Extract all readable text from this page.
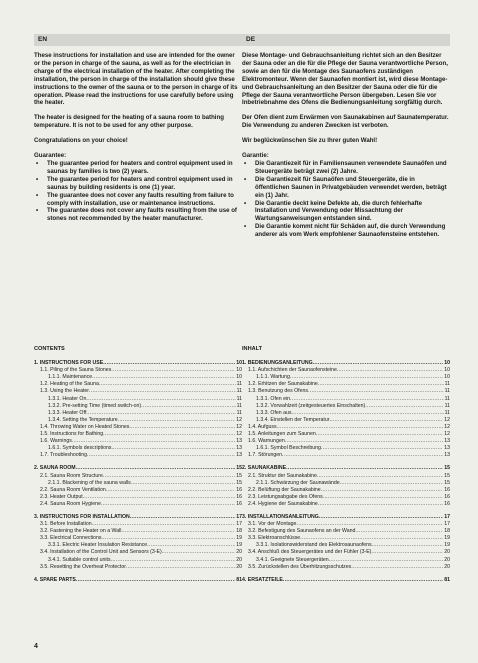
EN	DE

These instructions for installation and use are intended for the owner or the person in charge of the sauna, as well as for the electrician in charge of the electrical installation of the heater. After completing the installation, the person in charge of the installation should give these instructions to the owner of the sauna or to the person in charge of its operation. Please read the instructions for use carefully before using the heater.

The heater is designed for the heating of a sauna room to bathing temperature. It is not to be used for any other purpose.

Congratulations on your choice!

Guarantee:
• The guarantee period for heaters and control equipment used in saunas by families is two (2) years.
• The guarantee period for heaters and control equipment used in saunas by building residents is one (1) year.
• The guarantee does not cover any faults resulting from failure to comply with installation, use or maintenance instructions.
• The guarantee does not cover any faults resulting from the use of stones not recommended by the heater manufacturer.

Diese Montage- und Gebrauchsanleitung richtet sich an den Besitzer der Sauna oder an die für die Pflege der Sauna verantwortliche Person, sowie an den für die Montage des Saunaofens zuständigen Elektromonteur. Wenn der Saunaofen montiert ist, wird diese Montage- und Gebrauchsanleitung an den Besitzer der Sauna oder die für die Pflege der Sauna verantwortliche Person übergeben. Lesen Sie vor Inbetriebnahme des Ofens die Bedienungsanleitung sorgfältig durch.

Der Ofen dient zum Erwärmen von Saunakabinen auf Saunatemperatur. Die Verwendung zu anderen Zwecken ist verboten.

Wir beglückwünschen Sie zu Ihrer guten Wahl!

Garantie:
• Die Garantiezeit für in Familiensaunen verwendete Saunaöfen und Steuergeräte beträgt zwei (2) Jahre.
• Die Garantiezeit für Saunaöfen und Steuergeräte, die in öffentlichen Saunen in Privatgebäuden verwendet werden, beträgt ein (1) Jahr.
• Die Garantie deckt keine Defekte ab, die durch fehlerhafte Installation und Verwendung oder Missachtung der Wartungsanweisungen entstanden sind.
• Die Garantie kommt nicht für Schäden auf, die durch Verwendung anderer als vom Werk empfohlener Saunaofensteine entstehen.
CONTENTS
1. INSTRUCTIONS FOR USE .....	10
1.1. Piling of the Sauna Stones .....	10
1.1.1. Maintenance .....	10
1.2. Heating of the Sauna .....	11
1.3. Using the Heater .....	11
1.3.1. Heater On .....	11
1.3.2. Pre-setting Time (timed switch-on) .....	11
1.3.3. Heater Off .....	11
1.3.4. Setting the Temperature .....	12
1.4. Throwing Water on Heated Stones .....	12
1.5. Instructions for Bathing .....	12
1.6. Warnings .....	13
1.6.1. Symbols descriptions .....	13
1.7. Troubleshooting .....	13
2. SAUNA ROOM .....	15
2.1. Sauna Room Structure .....	15
2.1.1. Blackening of the sauna walls .....	15
2.2. Sauna Room Ventilation .....	16
2.3. Heater Output .....	16
2.4. Sauna Room Hygiene .....	16
3. INSTRUCTIONS FOR INSTALLATION .....	17
3.1. Before Installation .....	17
3.2. Fastening the Heater on a Wall .....	18
3.3. Electrical Connections .....	19
3.3.1. Electric Heater Insulation Resistance .....	19
3.4. Installation of the Control Unit and Sensors (3-E) .....	20
3.4.1. Suitable control units .....	20
3.5. Resetting the Overheat Protector .....	20
4. SPARE PARTS .....	81
INHALT
1. BEDIENUNGSANLEITUNG .....	10
1.1. Aufschichten der Saunaofensteine .....	10
1.1.1. Wartung .....	10
1.2. Erhitzen der Saunakabine .....	11
1.3. Benutzung des Ofens .....	11
1.3.1. Ofen ein .....	11
1.3.2. Vorwahlzeit (zeitgesteuertes Einschalten) .....	11
1.3.3. Ofen aus .....	11
1.3.4. Einstellen der Temperatur .....	12
1.4. Aufguss .....	12
1.5. Anleitungen zum Saunen .....	12
1.6. Warnungen .....	13
1.6.1. Symbol Beschreibung .....	13
1.7. Störungen .....	13
2. SAUNAKABINE .....	15
2.1. Struktur der Saunakabine .....	15
2.1.1. Schwärzung der Saunawände .....	15
2.2. Belüftung der Saunakabine .....	16
2.3. Leistungsabgabe des Ofens .....	16
2.4. Hygiene der Saunakabine .....	16
3. INSTALLATIONSANLEITUNG .....	17
3.1. Vor der Montage .....	17
3.2. Befestigung des Saunaofens an der Wand .....	18
3.3. Elektroanschlüsse .....	19
3.3.1. Isolationswiderstand des Elektrosaunaofens .....	19
3.4. Anschluß des Steuergerätes und der Fühler (3-E) .....	20
3.4.1. Geeignete Steuergeräten .....	20
3.5. Zurückstellen des Überhitzungsschutzes .....	20
4. ERSATZTEILE .....	81
4
